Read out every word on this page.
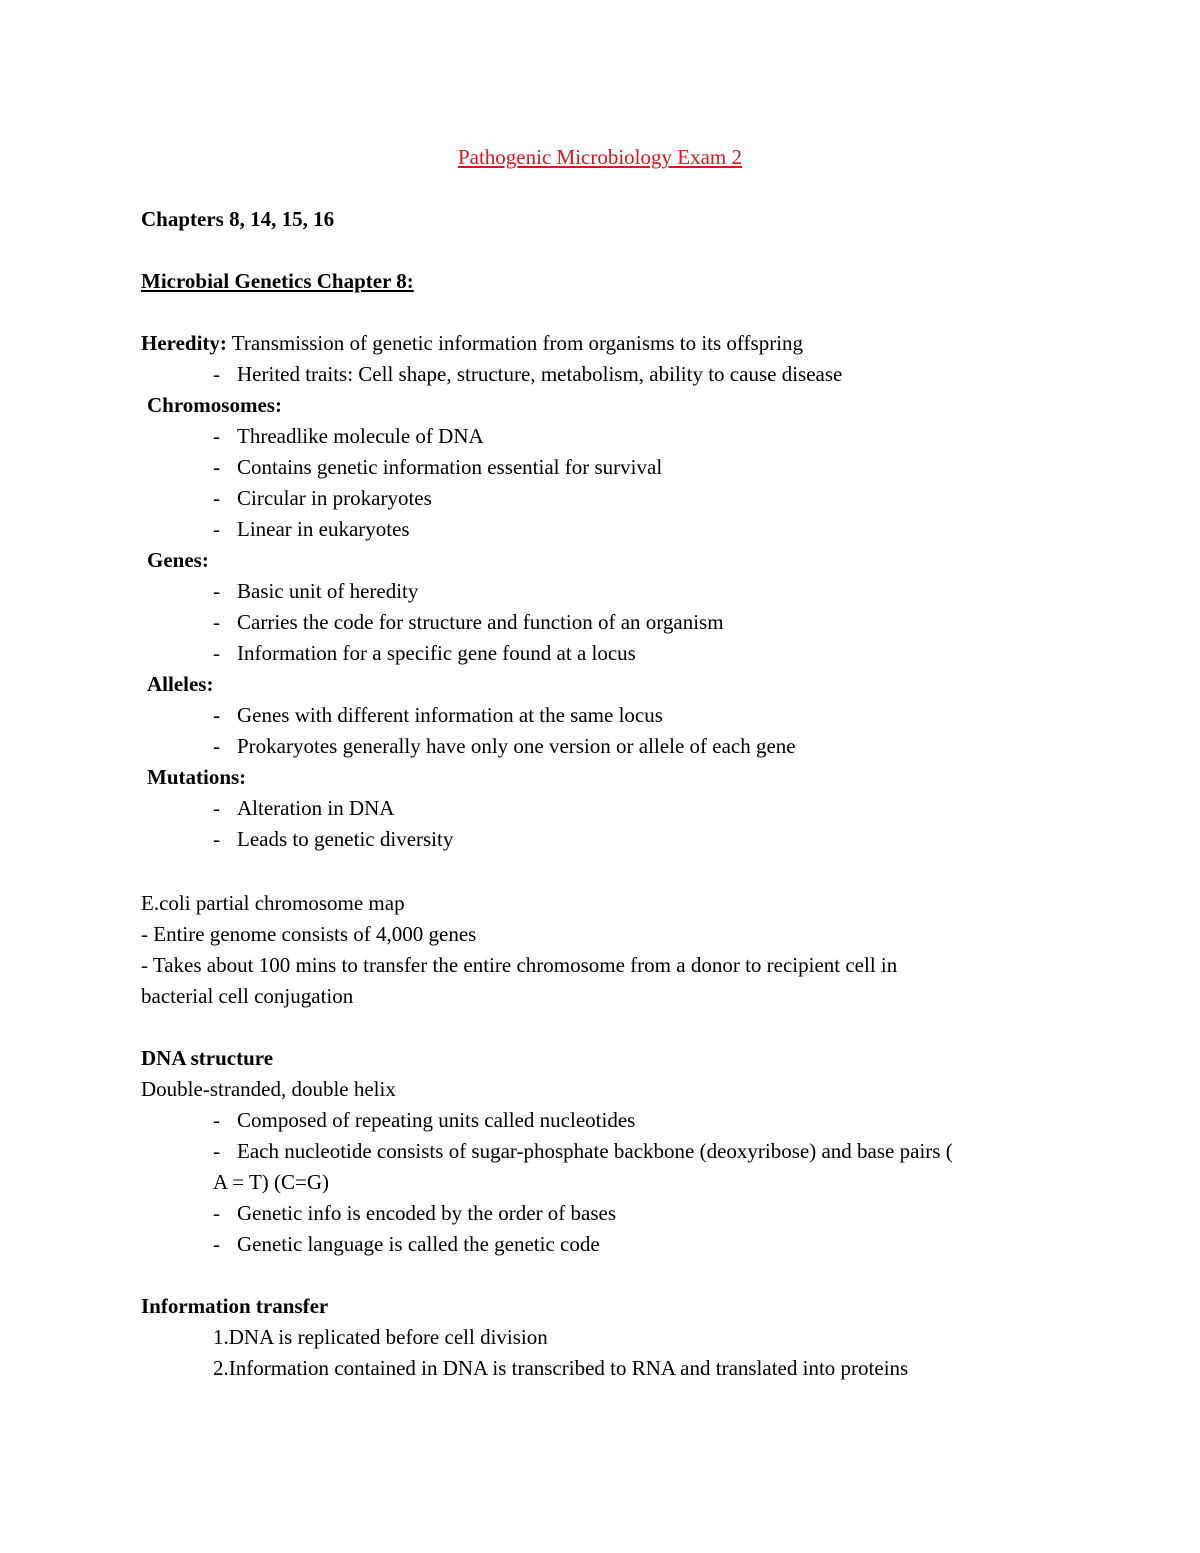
Pathogenic Microbiology Exam 2
Chapters 8, 14, 15, 16
Microbial Genetics Chapter 8:
Heredity: Transmission of genetic information from organisms to its offspring
- Herited traits: Cell shape, structure, metabolism, ability to cause disease
Chromosomes:
- Threadlike molecule of DNA
- Contains genetic information essential for survival
- Circular in prokaryotes
- Linear in eukaryotes
Genes:
- Basic unit of heredity
- Carries the code for structure and function of an organism
- Information for a specific gene found at a locus
Alleles:
- Genes with different information at the same locus
- Prokaryotes generally have only one version or allele of each gene
Mutations:
- Alteration in DNA
- Leads to genetic diversity
E.coli partial chromosome map
- Entire genome consists of 4,000 genes
- Takes about 100 mins to transfer the entire chromosome from a donor to recipient cell in
bacterial cell conjugation
DNA structure
Double-stranded, double helix
- Composed of repeating units called nucleotides
- Each nucleotide consists of sugar-phosphate backbone (deoxyribose) and base pairs (
A = T) (C=G)
- Genetic info is encoded by the order of bases
- Genetic language is called the genetic code
Information transfer
1.DNA is replicated before cell division
2.Information contained in DNA is transcribed to RNA and translated into proteins
